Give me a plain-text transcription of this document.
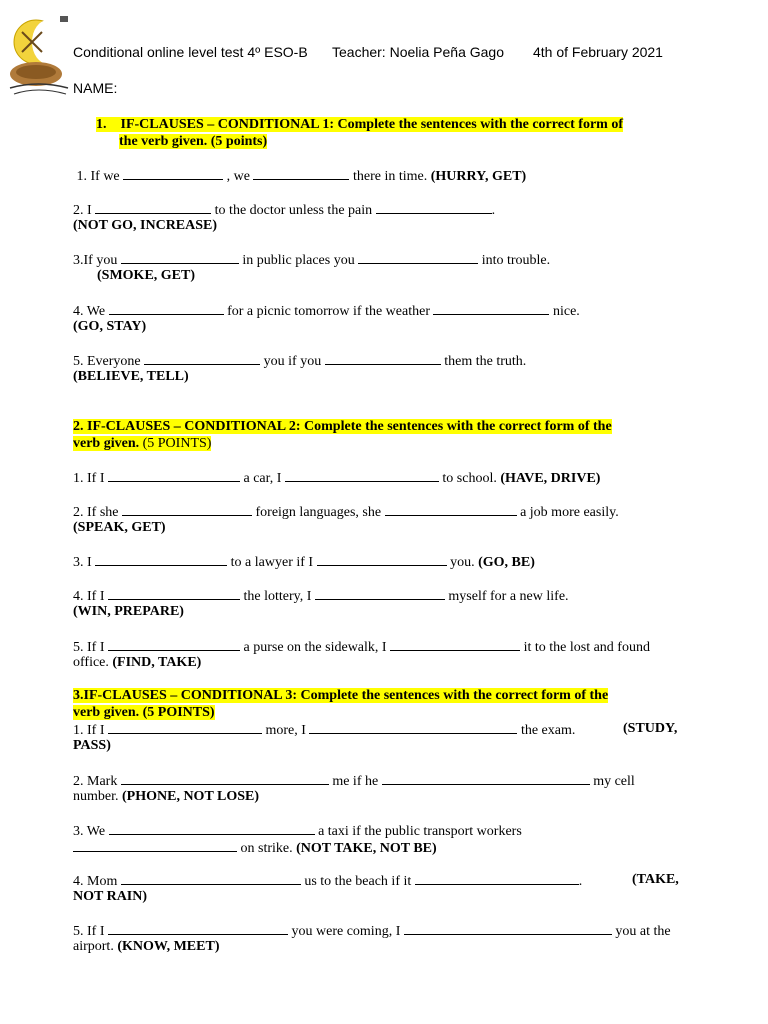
Conditional online level test 4º ESO-B Teacher: Noelia Peña Gago 4th of February 2021
NAME:
1. IF-CLAUSES – CONDITIONAL 1: Complete the sentences with the correct form of
the verb given. (5 points)
1. If we	, we	there in time. (HURRY, GET)
2. I	to the doctor unless the pain	.
(NOT GO, INCREASE)
3.If you	in public places you	into trouble.
(SMOKE, GET)
4. We	for a picnic tomorrow if the weather	nice.
(GO, STAY)
5. Everyone	you if you	them the truth.
(BELIEVE, TELL)
2. IF-CLAUSES – CONDITIONAL 2: Complete the sentences with the correct form of the
verb given. (5 POINTS)
1. If I	a car, I	to school. (HAVE, DRIVE)
2. If she	foreign languages, she	a job more easily.
(SPEAK, GET)
3. I	to a lawyer if I	you. (GO, BE)
4. If I	the lottery, I	myself for a new life.
(WIN, PREPARE)
5. If I	a purse on the sidewalk, I	it to the lost and found
office. (FIND, TAKE)
3.IF-CLAUSES – CONDITIONAL 3: Complete the sentences with the correct form of the
verb given. (5 POINTS)
1. If I	more, I	the exam.	(STUDY,
PASS)
2. Mark	me if he	my cell
number. (PHONE, NOT LOSE)
3. We	a taxi if the public transport workers
on strike. (NOT TAKE, NOT BE)
4. Mom	us to the beach if it	.	(TAKE,
NOT RAIN)
5. If I	you were coming, I	you at the
airport. (KNOW, MEET)
